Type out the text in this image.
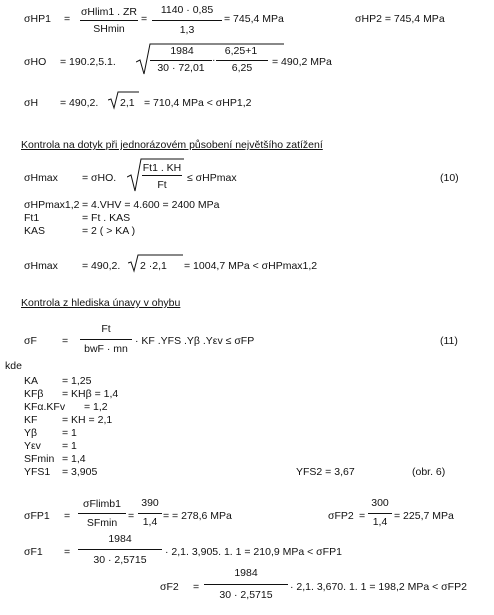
σHP1 =
σHlim1 . ZR
SHmin
=
1140 · 0,85
1,3
= 745,4 MPa	σHP2 = 745,4 MPa
σHO = 190.2,5.1.
1984
30 · 72,01
·
6,25+1
6,25	= 490,2 MPa
σH = 490,2. 2,1 = 710,4 MPa < σHP1,2
Kontrola na dotyk při jednorázovém působení největšího zatížení
σHmax = σHO.
Ft1 . KH
Ft
≤ σHPmax	(10)
σHPmax1,2 = 4.VHV = 4.600 = 2400 MPa
Ft1	= Ft . KAS
KAS	= 2 ( > KA )
σHmax = 490,2. 2 ·2,1 = 1004,7 MPa < σHPmax1,2
Kontrola z hlediska únavy v ohybu
σF =
Ft
bwF · mn
· KF .YFS .Yβ .Yεv ≤ σFP	(11)
kde
KA = 1,25
KFβ = KHβ = 1,4
KFα.KFv = 1,2
KF = KH = 2,1
Yβ = 1
Yεv = 1
SFmin = 1,4
YFS1 = 3,905	YFS2 = 3,67	(obr. 6)
σFP1 =
σFlimb1
SFmin
=
390
1,4 = = 278,6 MPa	σFP2 =
300
1,4 = 225,7 MPa
σF1 =
1984
30 · 2,5715
· 2,1. 3,905. 1. 1 = 210,9 MPa < σFP1
σF2 =
1984
30 · 2,5715
· 2,1. 3,670. 1. 1 = 198,2 MPa < σFP2
